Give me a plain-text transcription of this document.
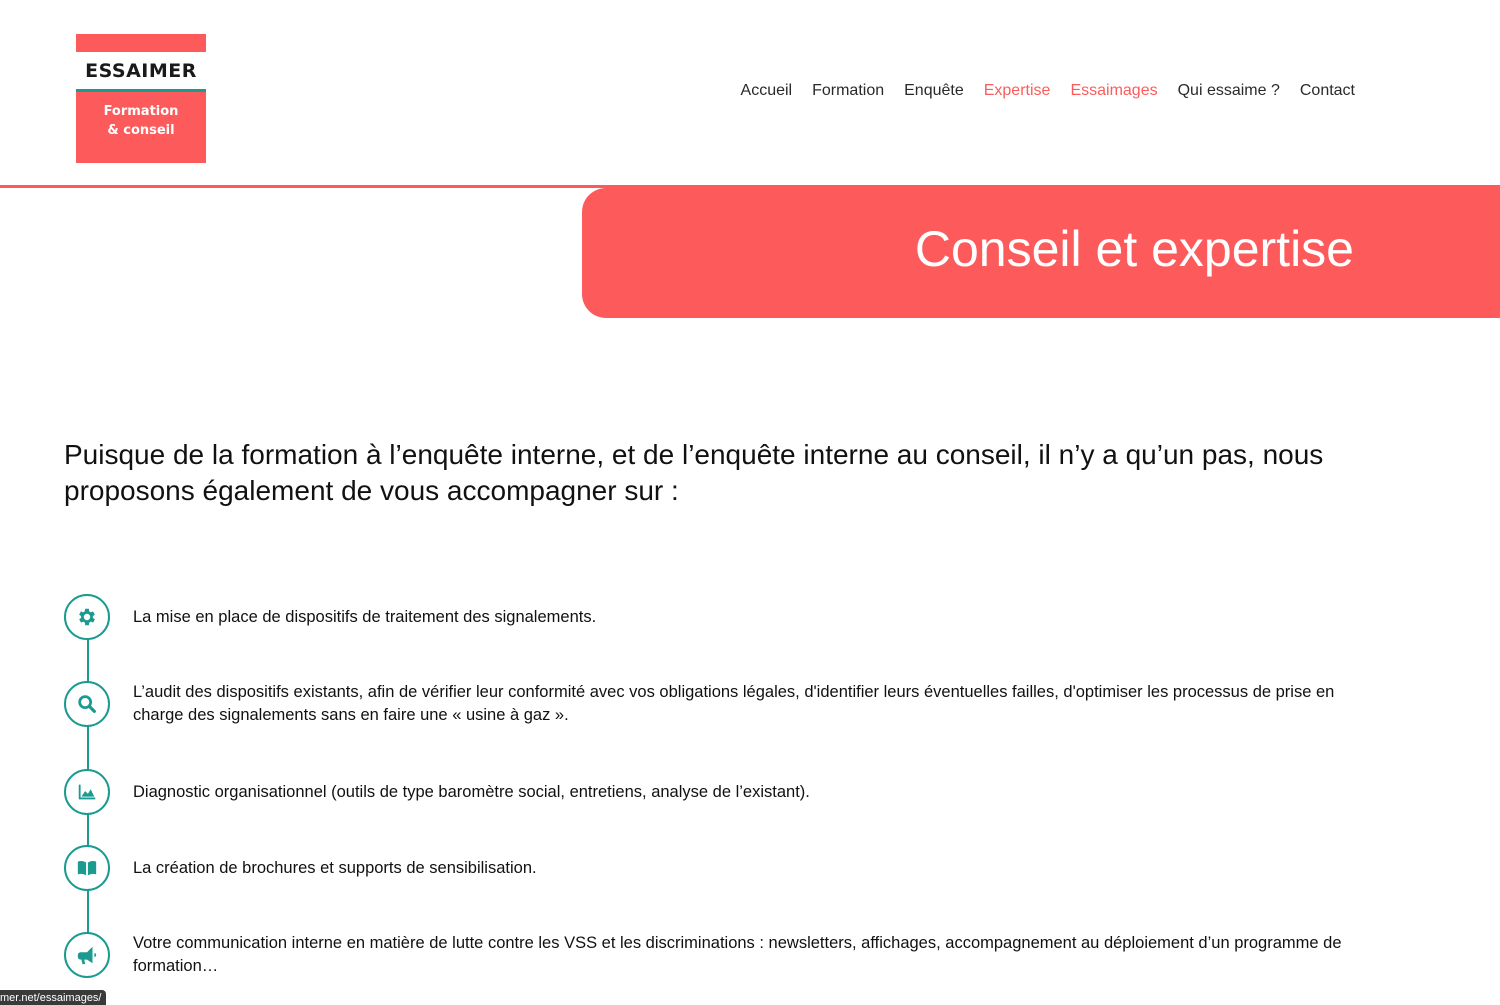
ESSAIMER
Formation
& conseil
Accueil Formation Enquête Expertise Essaimages Qui essaime ? Contact
Conseil et expertise

Puisque de la formation à l’enquête interne, et de l’enquête interne au conseil, il n’y a qu’un pas, nous proposons également de vous accompagner sur :

La mise en place de dispositifs de traitement des signalements.
L’audit des dispositifs existants, afin de vérifier leur conformité avec vos obligations légales, d'identifier leurs éventuelles failles, d'optimiser les processus de prise en charge des signalements sans en faire une « usine à gaz ».
Diagnostic organisationnel (outils de type baromètre social, entretiens, analyse de l’existant).
La création de brochures et supports de sensibilisation.
Votre communication interne en matière de lutte contre les VSS et les discriminations : newsletters, affichages, accompagnement au déploiement d’un programme de formation…
mer.net/essaimages/
